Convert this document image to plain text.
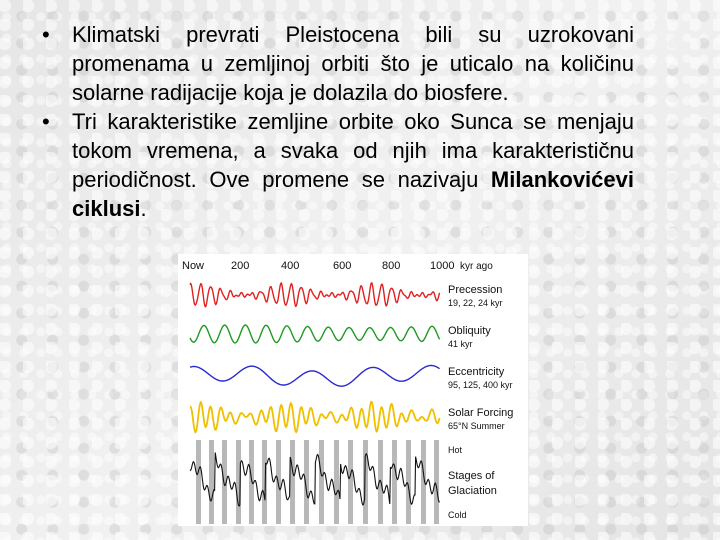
• Klimatski prevrati Pleistocena bili su uzrokovani promenama u zemljinoj orbiti što je uticalo na količinu solarne radijacije koja je dolazila do biosfere.

• Tri karakteristike zemljine orbite oko Sunca se menjaju tokom vremena, a svaka od njih ima karakterističnu periodičnost. Ove promene se nazivaju Milankovićevi ciklusi.

Now 200	400	600	800	1000 kyr ago
Precession
19, 22, 24 kyr
Obliquity
41 kyr
Eccentricity
95, 125, 400 kyr
Solar Forcing
65°N Summer
Hot
Stages of
Glaciation
Cold
